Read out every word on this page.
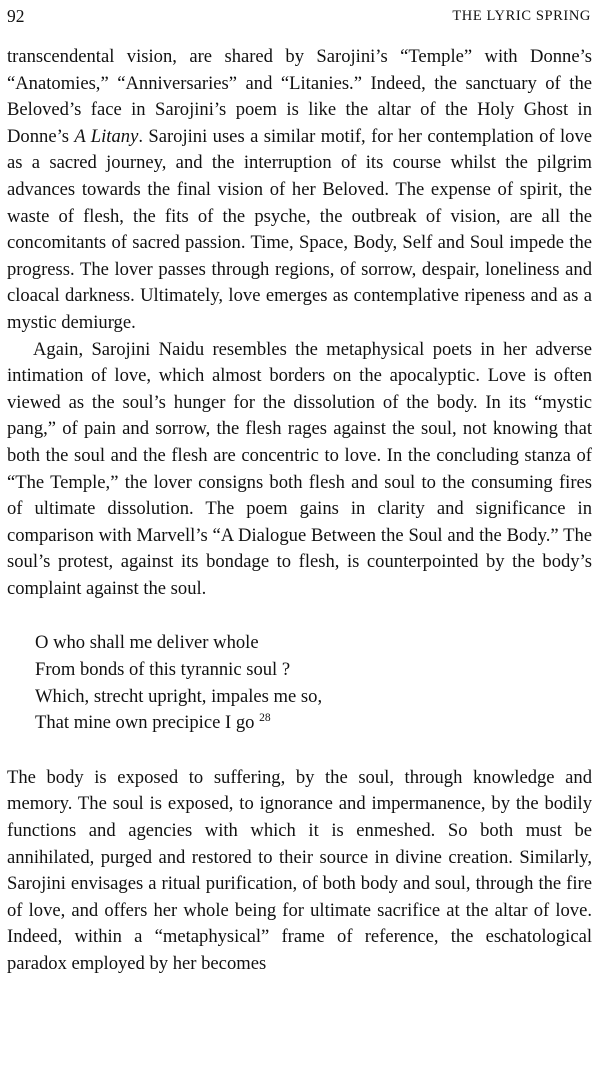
92	THE LYRIC SPRING

transcendental vision, are shared by Sarojini’s “Temple” with Donne’s “Anatomies,” “Anniversaries” and “Litanies.” Indeed, the sanctuary of the Beloved’s face in Sarojini’s poem is like the altar of the Holy Ghost in Donne’s A Litany. Sarojini uses a similar motif, for her contemplation of love as a sacred journey, and the interruption of its course whilst the pilgrim advances towards the final vision of her Beloved. The expense of spirit, the waste of flesh, the fits of the psyche, the outbreak of vision, are all the concomitants of sacred passion. Time, Space, Body, Self and Soul impede the progress. The lover passes through regions, of sorrow, despair, loneliness and cloacal darkness. Ultimately, love emerges as contemplative ripeness and as a mystic demiurge.

Again, Sarojini Naidu resembles the metaphysical poets in her adverse intimation of love, which almost borders on the apocalyptic. Love is often viewed as the soul’s hunger for the dissolution of the body. In its “mystic pang,” of pain and sorrow, the flesh rages against the soul, not knowing that both the soul and the flesh are concentric to love. In the concluding stanza of “The Temple,” the lover consigns both flesh and soul to the consuming fires of ultimate dissolution. The poem gains in clarity and significance in comparison with Marvell’s “A Dialogue Between the Soul and the Body.” The soul’s protest, against its bondage to flesh, is counterpointed by the body’s complaint against the soul.

O who shall me deliver whole
From bonds of this tyrannic soul ?
Which, strecht upright, impales me so,
That mine own precipice I go $^{28}$

The body is exposed to suffering, by the soul, through knowledge and memory. The soul is exposed, to ignorance and impermanence, by the bodily functions and agencies with which it is enmeshed. So both must be annihilated, purged and restored to their source in divine creation. Similarly, Sarojini envisages a ritual purification, of both body and soul, through the fire of love, and offers her whole being for ultimate sacrifice at the altar of love. Indeed, within a “metaphysical” frame of reference, the eschatological paradox employed by her becomes
